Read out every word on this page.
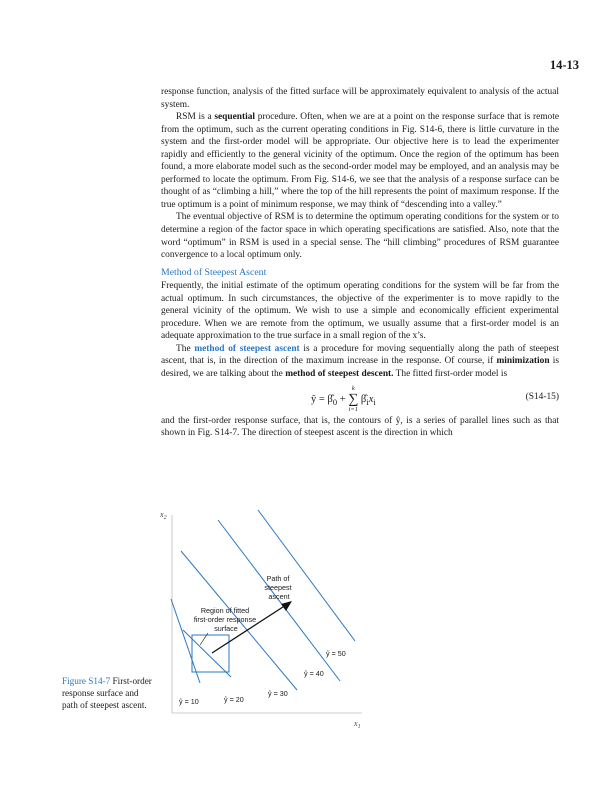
14-13

response function, analysis of the fitted surface will be approximately equivalent to analysis of the actual system.

RSM is a sequential procedure. Often, when we are at a point on the response surface that is remote from the optimum, such as the current operating conditions in Fig. S14-6, there is little curvature in the system and the first-order model will be appropriate. Our objective here is to lead the experimenter rapidly and efficiently to the general vicinity of the optimum. Once the region of the optimum has been found, a more elaborate model such as the second-order model may be employed, and an analysis may be performed to locate the optimum. From Fig. S14-6, we see that the analysis of a response surface can be thought of as “climbing a hill,” where the top of the hill represents the point of maximum response. If the true optimum is a point of minimum response, we may think of “descending into a valley.”

The eventual objective of RSM is to determine the optimum operating conditions for the system or to determine a region of the factor space in which operating specifications are satisfied. Also, note that the word “optimum” in RSM is used in a special sense. The “hill climbing” procedures of RSM guarantee convergence to a local optimum only.

Method of Steepest Ascent

Frequently, the initial estimate of the optimum operating conditions for the system will be far from the actual optimum. In such circumstances, the objective of the experimenter is to move rapidly to the general vicinity of the optimum. We wish to use a simple and economically efficient experimental procedure. When we are remote from the optimum, we usually assume that a first-order model is an adequate approximation to the true surface in a small region of the x’s.

The method of steepest ascent is a procedure for moving sequentially along the path of steepest ascent, that is, in the direction of the maximum increase in the response. Of course, if minimization is desired, we are talking about the method of steepest descent. The fitted first-order model is

ŷ = $\betâ_0$ +
k
∑
i=1
$\betâ_ix_i$	(S14-15)

and the first-order response surface, that is, the contours of ŷ, is a series of parallel lines such as that shown in Fig. S14-7. The direction of steepest ascent is the direction in which

$x_2$
$x_1$
Path of steepest ascent
Region of fitted first-order response surface
ŷ = 10	ŷ = 20
ŷ = 30
ŷ = 40
ŷ = 50
Figure S14-7 First-order response surface and path of steepest ascent.
